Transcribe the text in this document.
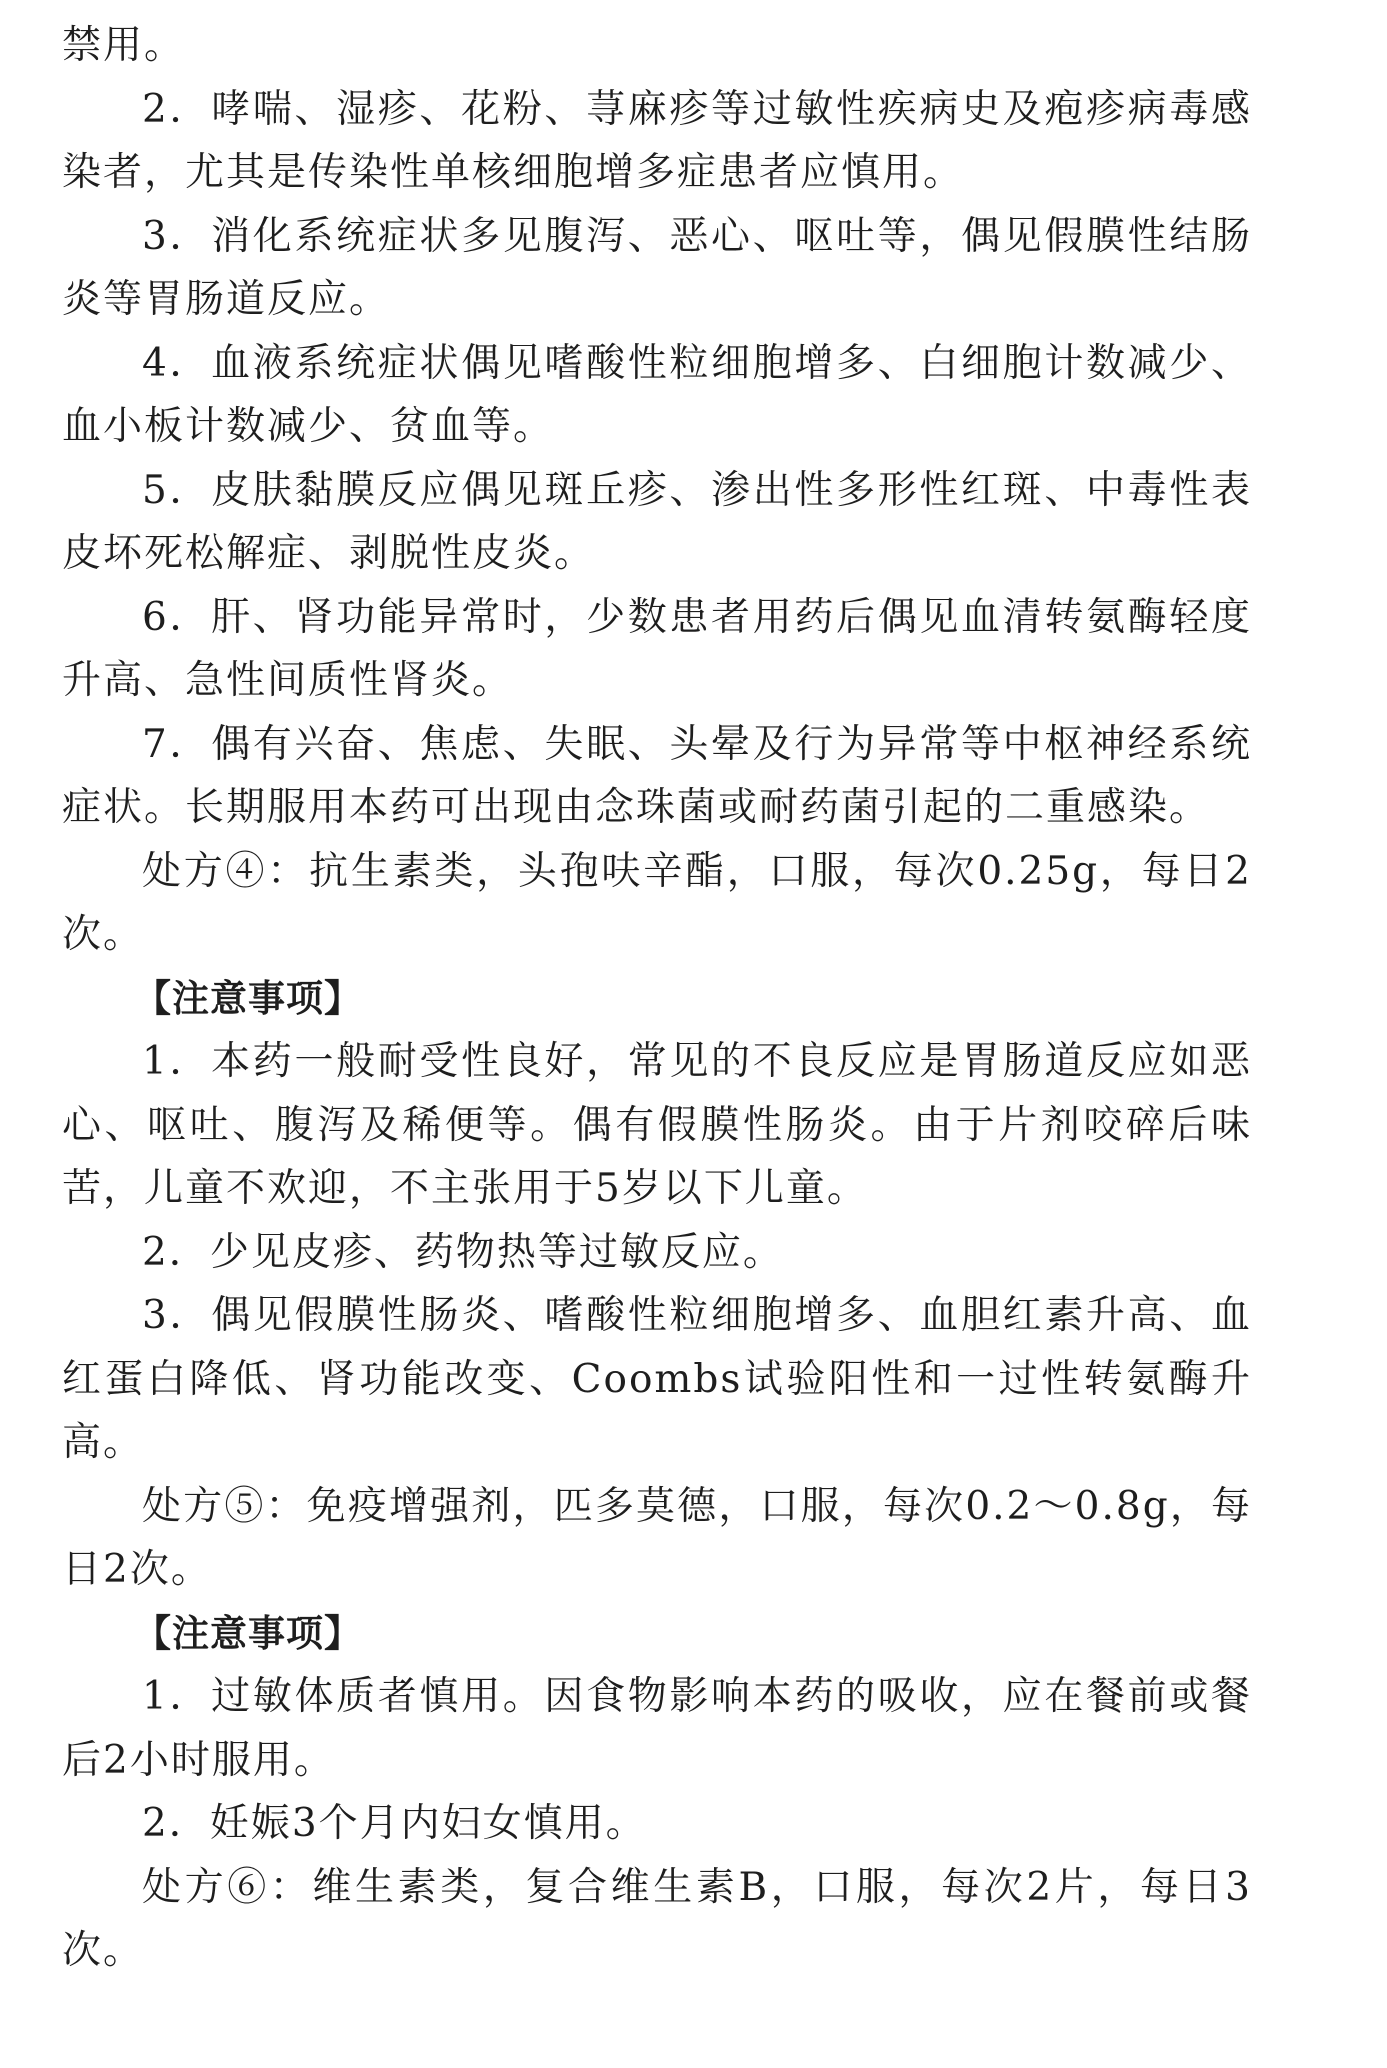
禁用。

2．哮喘、湿疹、花粉、荨麻疹等过敏性疾病史及疱疹病毒感染者，尤其是传染性单核细胞增多症患者应慎用。

3．消化系统症状多见腹泻、恶心、呕吐等，偶见假膜性结肠炎等胃肠道反应。

4．血液系统症状偶见嗜酸性粒细胞增多、白细胞计数减少、血小板计数减少、贫血等。

5．皮肤黏膜反应偶见斑丘疹、渗出性多形性红斑、中毒性表皮坏死松解症、剥脱性皮炎。

6．肝、肾功能异常时，少数患者用药后偶见血清转氨酶轻度升高、急性间质性肾炎。

7．偶有兴奋、焦虑、失眠、头晕及行为异常等中枢神经系统症状。长期服用本药可出现由念珠菌或耐药菌引起的二重感染。

处方④：抗生素类，头孢呋辛酯，口服，每次0.25g，每日2次。

【注意事项】

1．本药一般耐受性良好，常见的不良反应是胃肠道反应如恶心、呕吐、腹泻及稀便等。偶有假膜性肠炎。由于片剂咬碎后味苦，儿童不欢迎，不主张用于5岁以下儿童。

2．少见皮疹、药物热等过敏反应。

3．偶见假膜性肠炎、嗜酸性粒细胞增多、血胆红素升高、血红蛋白降低、肾功能改变、Coombs试验阳性和一过性转氨酶升高。

处方⑤：免疫增强剂，匹多莫德，口服，每次0.2～0.8g，每日2次。

【注意事项】

1．过敏体质者慎用。因食物影响本药的吸收，应在餐前或餐后2小时服用。

2．妊娠3个月内妇女慎用。

处方⑥：维生素类，复合维生素B，口服，每次2片，每日3次。
